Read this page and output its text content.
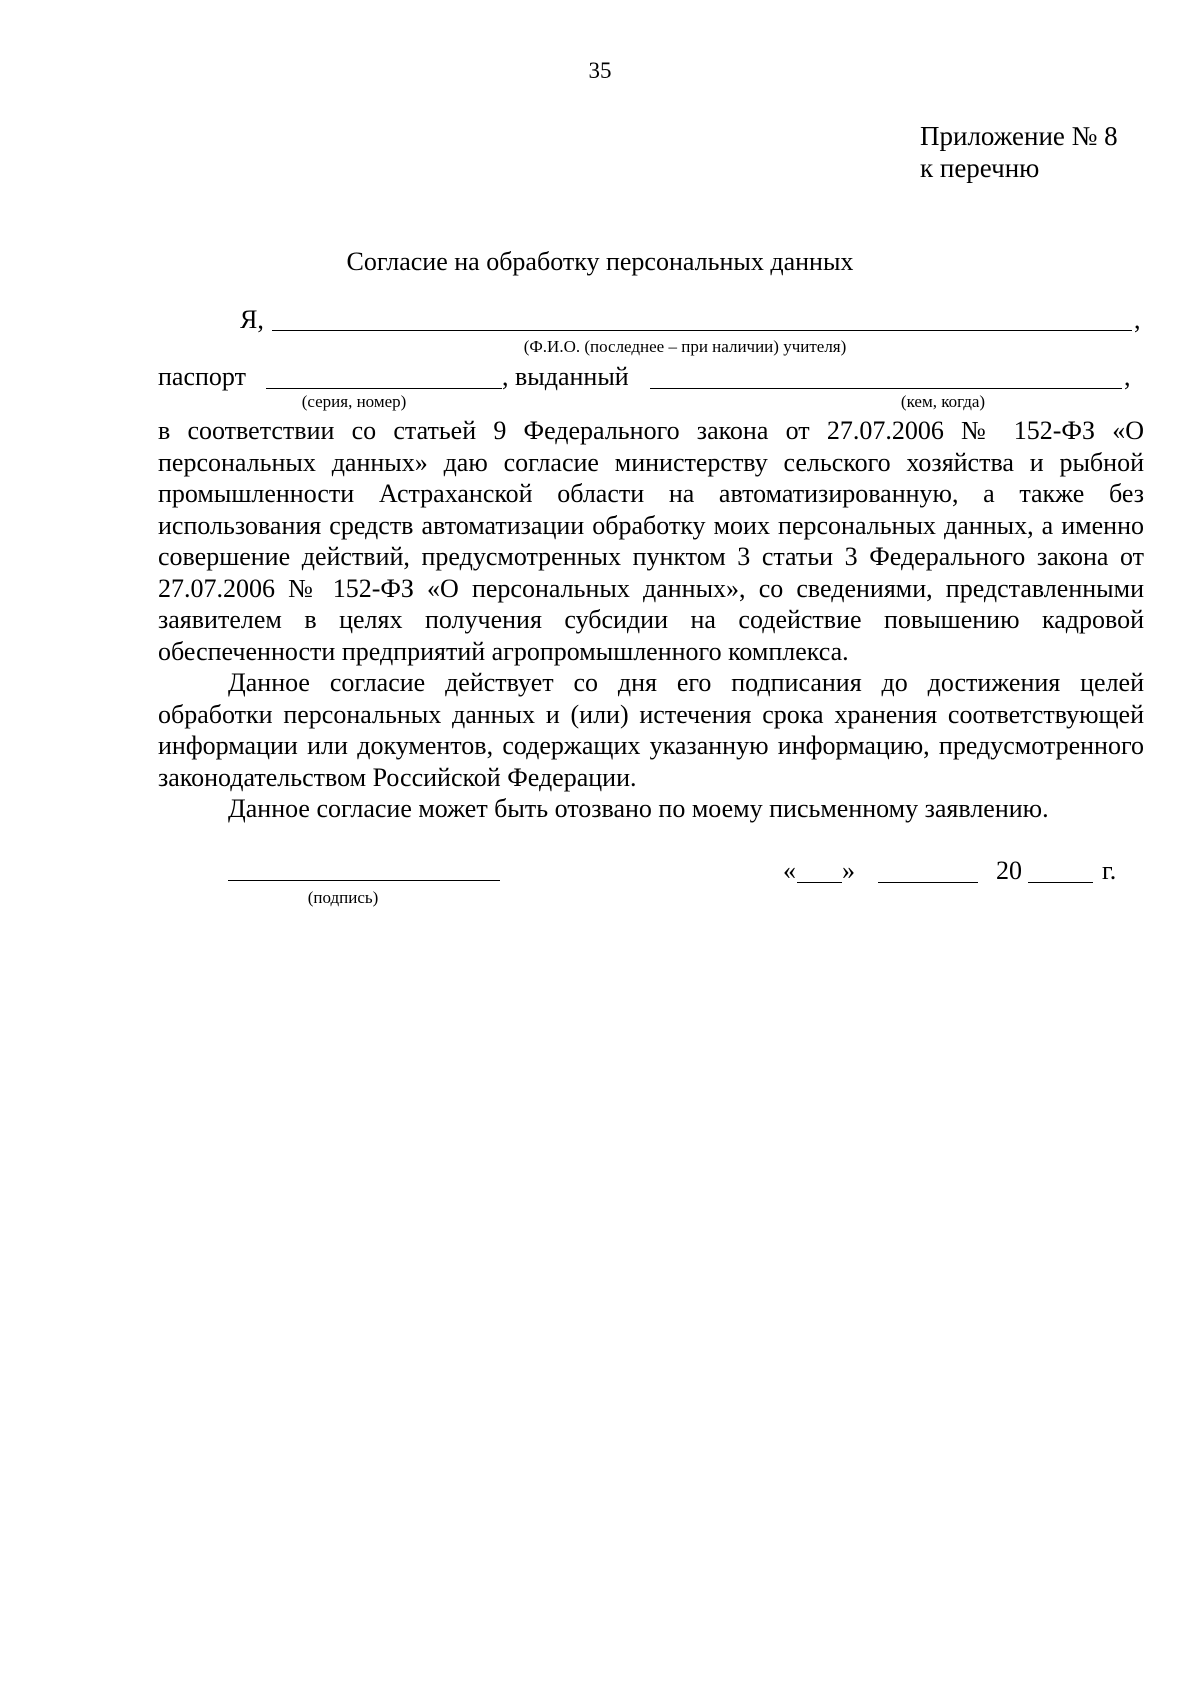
35
Приложение № 8
к перечню
Согласие на обработку персональных данных
Я,	,
(Ф.И.О. (последнее – при наличии) учителя)
паспорт	, выданный	,
(серия, номер)	(кем, когда)

в соответствии со статьей 9 Федерального закона от 27.07.2006 № 152-ФЗ «О персональных данных» даю согласие министерству сельского хозяйства и рыбной промышленности Астраханской области на автоматизированную, а также без использования средств автоматизации обработку моих персональных данных, а именно совершение действий, предусмотренных пунктом 3 статьи 3 Федерального закона от 27.07.2006 № 152-ФЗ «О персональных данных», со сведениями, представленными заявителем в целях получения субсидии на содействие повышению кадровой обеспеченности предприятий агропромышленного комплекса.

Данное согласие действует со дня его подписания до достижения целей обработки персональных данных и (или) истечения срока хранения соответствующей информации или документов, содержащих указанную информацию, предусмотренного законодательством Российской Федерации.

Данное согласие может быть отозвано по моему письменному заявлению.

(подпись)
« »	20	г.
